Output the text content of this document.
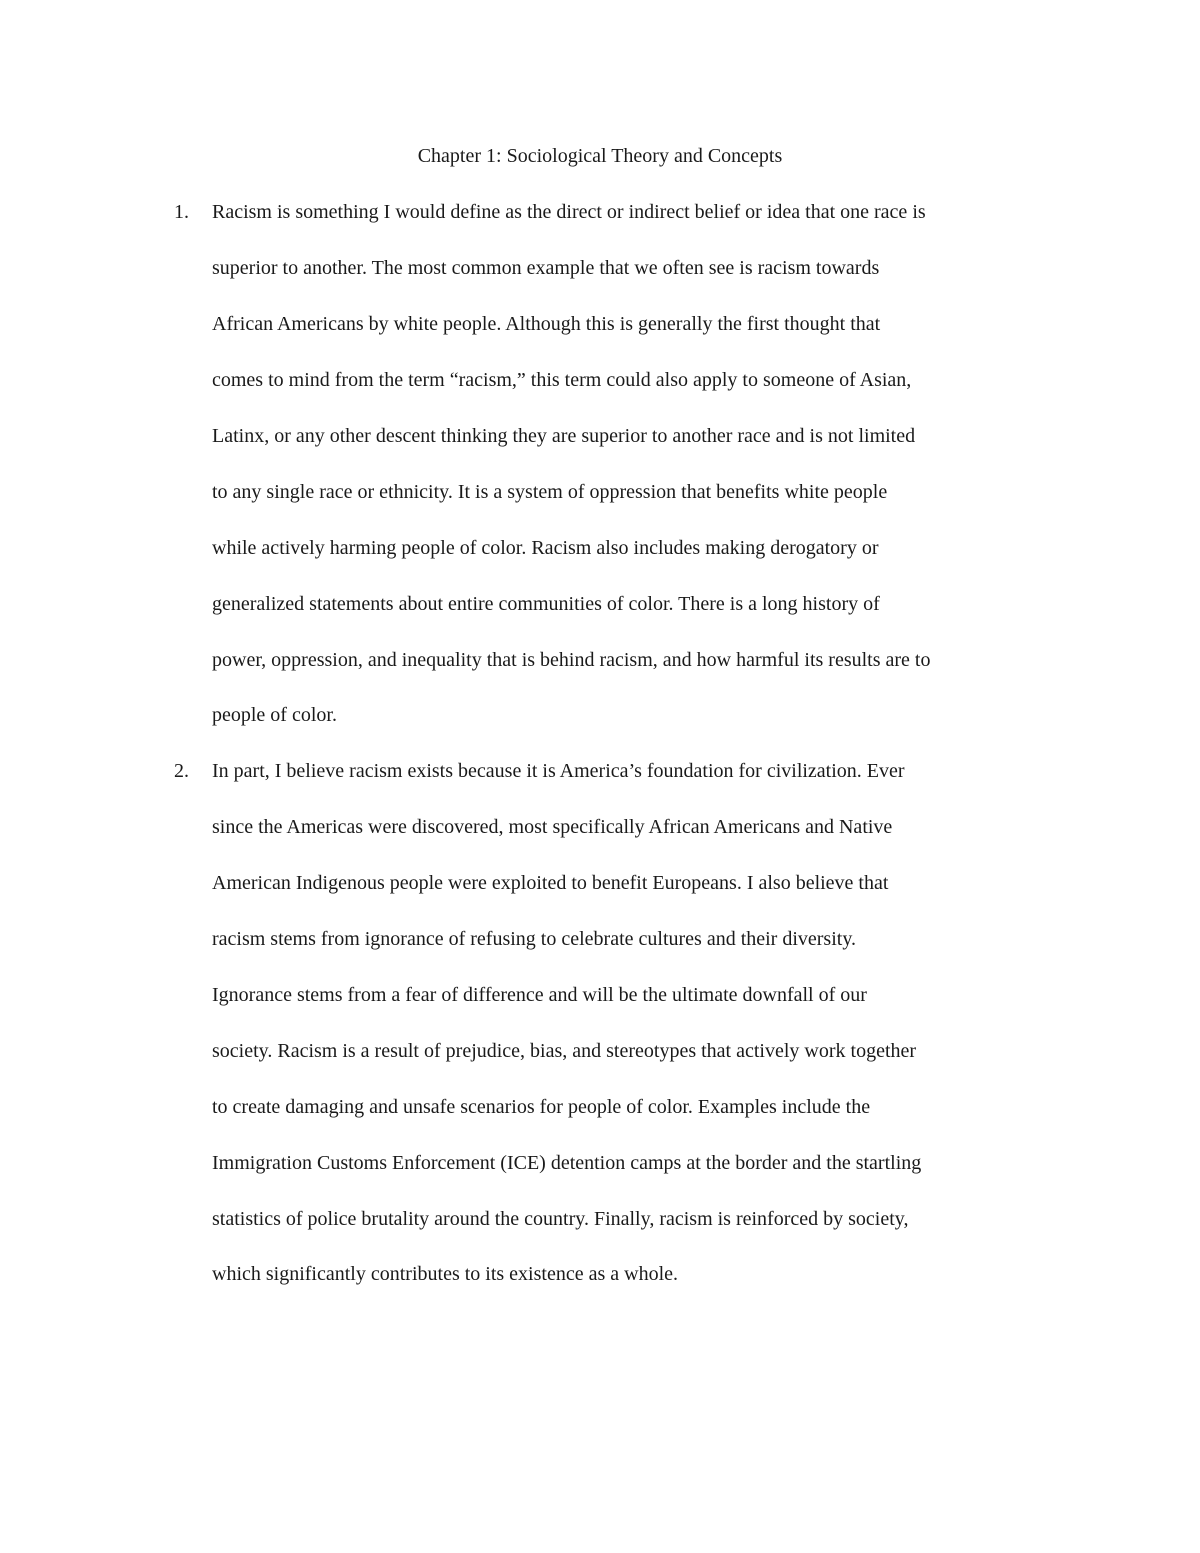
Chapter 1: Sociological Theory and Concepts
1.	Racism is something I would define as the direct or indirect belief or idea that one race is
superior to another. The most common example that we often see is racism towards
African Americans by white people. Although this is generally the first thought that
comes to mind from the term “racism,” this term could also apply to someone of Asian,
Latinx, or any other descent thinking they are superior to another race and is not limited
to any single race or ethnicity. It is a system of oppression that benefits white people
while actively harming people of color. Racism also includes making derogatory or
generalized statements about entire communities of color. There is a long history of
power, oppression, and inequality that is behind racism, and how harmful its results are to
people of color.
2.	In part, I believe racism exists because it is America’s foundation for civilization. Ever
since the Americas were discovered, most specifically African Americans and Native
American Indigenous people were exploited to benefit Europeans. I also believe that
racism stems from ignorance of refusing to celebrate cultures and their diversity.
Ignorance stems from a fear of difference and will be the ultimate downfall of our
society. Racism is a result of prejudice, bias, and stereotypes that actively work together
to create damaging and unsafe scenarios for people of color. Examples include the
Immigration Customs Enforcement (ICE) detention camps at the border and the startling
statistics of police brutality around the country. Finally, racism is reinforced by society,
which significantly contributes to its existence as a whole.
